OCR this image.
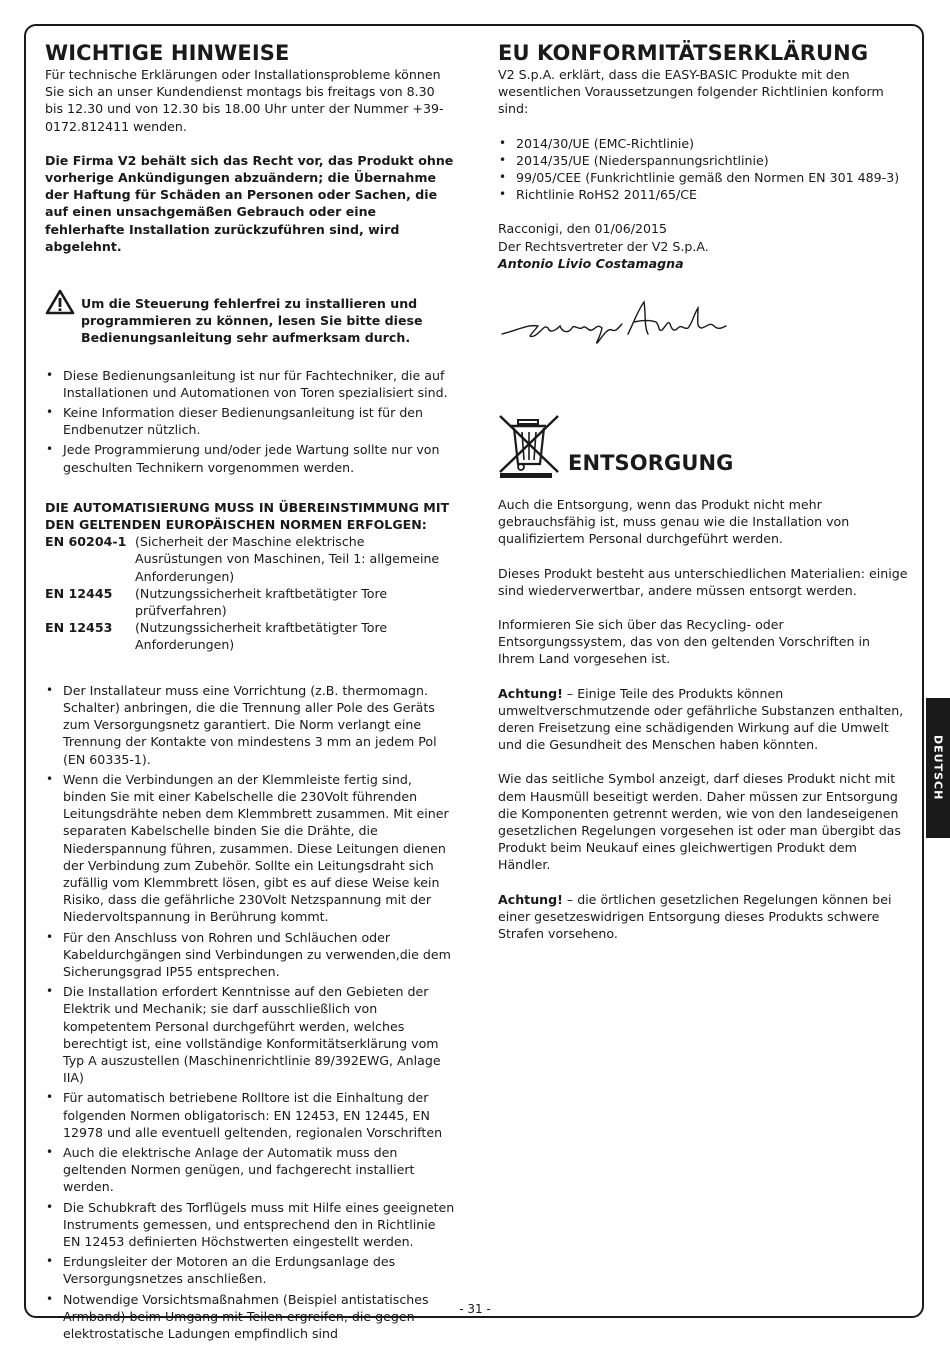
WICHTIGE HINWEISE

Für technische Erklärungen oder Installationsprobleme können Sie sich an unser Kundendienst montags bis freitags von 8.30 bis 12.30 und von 12.30 bis 18.00 Uhr unter der Nummer +39-0172.812411 wenden.

Die Firma V2 behält sich das Recht vor, das Produkt ohne vorherige Ankündigungen abzuändern; die Übernahme der Haftung für Schäden an Personen oder Sachen, die auf einen unsachgemäßen Gebrauch oder eine fehlerhafte Installation zurückzuführen sind, wird abgelehnt.

Um die Steuerung fehlerfrei zu installieren und programmieren zu können, lesen Sie bitte diese Bedienungsanleitung sehr aufmerksam durch.

• Diese Bedienungsanleitung ist nur für Fachtechniker, die auf Installationen und Automationen von Toren spezialisiert sind.
• Keine Information dieser Bedienungsanleitung ist für den Endbenutzer nützlich.
• Jede Programmierung und/oder jede Wartung sollte nur von geschulten Technikern vorgenommen werden.

DIE AUTOMATISIERUNG MUSS IN ÜBEREINSTIMMUNG MIT DEN GELTENDEN EUROPÄISCHEN NORMEN ERFOLGEN:

EN 60204-1 (Sicherheit der Maschine elektrische Ausrüstungen von Maschinen, Teil 1: allgemeine Anforderungen)
EN 12445	(Nutzungssicherheit kraftbetätigter Tore prüfverfahren)
EN 12453	(Nutzungssicherheit kraftbetätigter Tore Anforderungen)
• Der Installateur muss eine Vorrichtung (z.B. thermomagn. Schalter) anbringen, die die Trennung aller Pole des Geräts zum Versorgungsnetz garantiert. Die Norm verlangt eine Trennung der Kontakte von mindestens 3 mm an jedem Pol (EN 60335-1).
• Wenn die Verbindungen an der Klemmleiste fertig sind, binden Sie mit einer Kabelschelle die 230Volt führenden Leitungsdrähte neben dem Klemmbrett zusammen. Mit einer separaten Kabelschelle binden Sie die Drähte, die Niederspannung führen, zusammen. Diese Leitungen dienen der Verbindung zum Zubehör. Sollte ein Leitungsdraht sich zufällig vom Klemmbrett lösen, gibt es auf diese Weise kein Risiko, dass die gefährliche 230Volt Netzspannung mit der Niedervoltspannung in Berührung kommt.
• Für den Anschluss von Rohren und Schläuchen oder Kabeldurchgängen sind Verbindungen zu verwenden,die dem Sicherungsgrad IP55 entsprechen.
• Die Installation erfordert Kenntnisse auf den Gebieten der Elektrik und Mechanik; sie darf ausschließlich von kompetentem Personal durchgeführt werden, welches berechtigt ist, eine vollständige Konformitätserklärung vom Typ A auszustellen (Maschinenrichtlinie 89/392EWG, Anlage IIA)
• Für automatisch betriebene Rolltore ist die Einhaltung der folgenden Normen obligatorisch: EN 12453, EN 12445, EN 12978 und alle eventuell geltenden, regionalen Vorschriften
• Auch die elektrische Anlage der Automatik muss den geltenden Normen genügen, und fachgerecht installiert werden.
• Die Schubkraft des Torflügels muss mit Hilfe eines geeigneten Instruments gemessen, und entsprechend den in Richtlinie EN 12453 definierten Höchstwerten eingestellt werden.
• Erdungsleiter der Motoren an die Erdungsanlage des Versorgungsnetzes anschließen.
• Notwendige Vorsichtsmaßnahmen (Beispiel antistatisches Armband) beim Umgang mit Teilen ergreifen, die gegen elektrostatische Ladungen empfindlich sind
EU KONFORMITÄTSERKLÄRUNG

V2 S.p.A. erklärt, dass die EASY-BASIC Produkte mit den wesentlichen Voraussetzungen folgender Richtlinien konform sind:

• 2014/30/UE (EMC-Richtlinie)
• 2014/35/UE (Niederspannungsrichtlinie)
• 99/05/CEE (Funkrichtlinie gemäß den Normen EN 301 489-3)
• Richtlinie RoHS2 2011/65/CE

Racconigi, den 01/06/2015

Der Rechtsvertreter der V2 S.p.A.

Antonio Livio Costamagna

ENTSORGUNG

Auch die Entsorgung, wenn das Produkt nicht mehr gebrauchsfähig ist, muss genau wie die Installation von qualifiziertem Personal durchgeführt werden.

Dieses Produkt besteht aus unterschiedlichen Materialien: einige sind wiederverwertbar, andere müssen entsorgt werden.

Informieren Sie sich über das Recycling- oder Entsorgungssystem, das von den geltenden Vorschriften in Ihrem Land vorgesehen ist.

Achtung! – Einige Teile des Produkts können umweltverschmutzende oder gefährliche Substanzen enthalten, deren Freisetzung eine schädigenden Wirkung auf die Umwelt und die Gesundheit des Menschen haben könnten.

Wie das seitliche Symbol anzeigt, darf dieses Produkt nicht mit dem Hausmüll beseitigt werden. Daher müssen zur Entsorgung die Komponenten getrennt werden, wie von den landeseigenen gesetzlichen Regelungen vorgesehen ist oder man übergibt das Produkt beim Neukauf eines gleichwertigen Produkt dem Händler.

Achtung! – die örtlichen gesetzlichen Regelungen können bei einer gesetzeswidrigen Entsorgung dieses Produkts schwere Strafen vorseheno.

DEUTSCH
- 31 -
